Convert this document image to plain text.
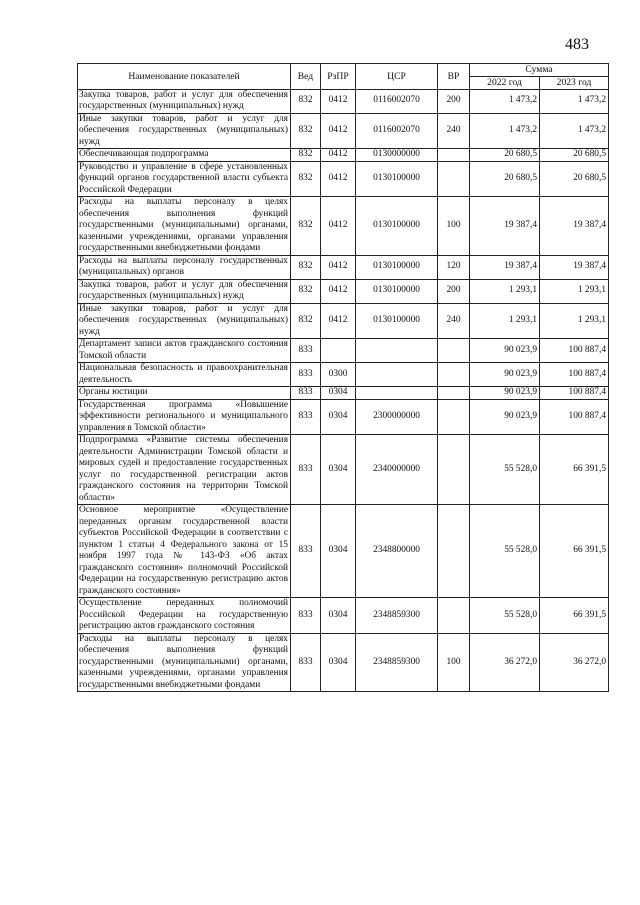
483
Наименование показателей	Вед	РзПР	ЦСР	ВР	Сумма	
					2022 год	2023 год
Закупка товаров, работ и услуг для обеспечения государственных (муниципальных) нужд	832	0412	0116002070	200	1 473,2	1 473,2
Иные закупки товаров, работ и услуг для обеспечения государственных (муниципальных) нужд	832	0412	0116002070	240	1 473,2	1 473,2
Обеспечивающая подпрограмма	832	0412	0130000000		20 680,5	20 680,5
Руководство и управление в сфере установленных функций органов государственной власти субъекта Российской Федерации	832	0412	0130100000		20 680,5	20 680,5
Расходы на выплаты персоналу в целях обеспечения выполнения функций государственными (муниципальными) органами, казенными учреждениями, органами управления государственными внебюджетными фондами	832	0412	0130100000	100	19 387,4	19 387,4
Расходы на выплаты персоналу государственных (муниципальных) органов	832	0412	0130100000	120	19 387,4	19 387,4
Закупка товаров, работ и услуг для обеспечения государственных (муниципальных) нужд	832	0412	0130100000	200	1 293,1	1 293,1
Иные закупки товаров, работ и услуг для обеспечения государственных (муниципальных) нужд	832	0412	0130100000	240	1 293,1	1 293,1
Департамент записи актов гражданского состояния Томской области	833				90 023,9	100 887,4
Национальная безопасность и правоохранительная деятельность	833	0300			90 023,9	100 887,4
Органы юстиции	833	0304			90 023,9	100 887,4
Государственная программа «Повышение эффективности регионального и муниципального управления в Томской области»	833	0304	2300000000		90 023,9	100 887,4
Подпрограмма «Развитие системы обеспечения деятельности Администрации Томской области и мировых судей и предоставление государственных услуг по государственной регистрации актов гражданского состояния на территории Томской области»	833	0304	2340000000		55 528,0	66 391,5
Основное мероприятие «Осуществление переданных органам государственной власти субъектов Российской Федерации в соответствии с пунктом 1 статьи 4 Федерального закона от 15 ноября 1997 года № 143-ФЗ «Об актах гражданского состояния» полномочий Российской Федерации на государственную регистрацию актов гражданского состояния»	833	0304	2348800000		55 528,0	66 391,5
Осуществление переданных полномочий Российской Федерации на государственную регистрацию актов гражданского состояния	833	0304	2348859300		55 528,0	66 391,5
Расходы на выплаты персоналу в целях обеспечения выполнения функций государственными (муниципальными) органами, казенными учреждениями, органами управления государственными внебюджетными фондами	833	0304	2348859300	100	36 272,0	36 272,0
